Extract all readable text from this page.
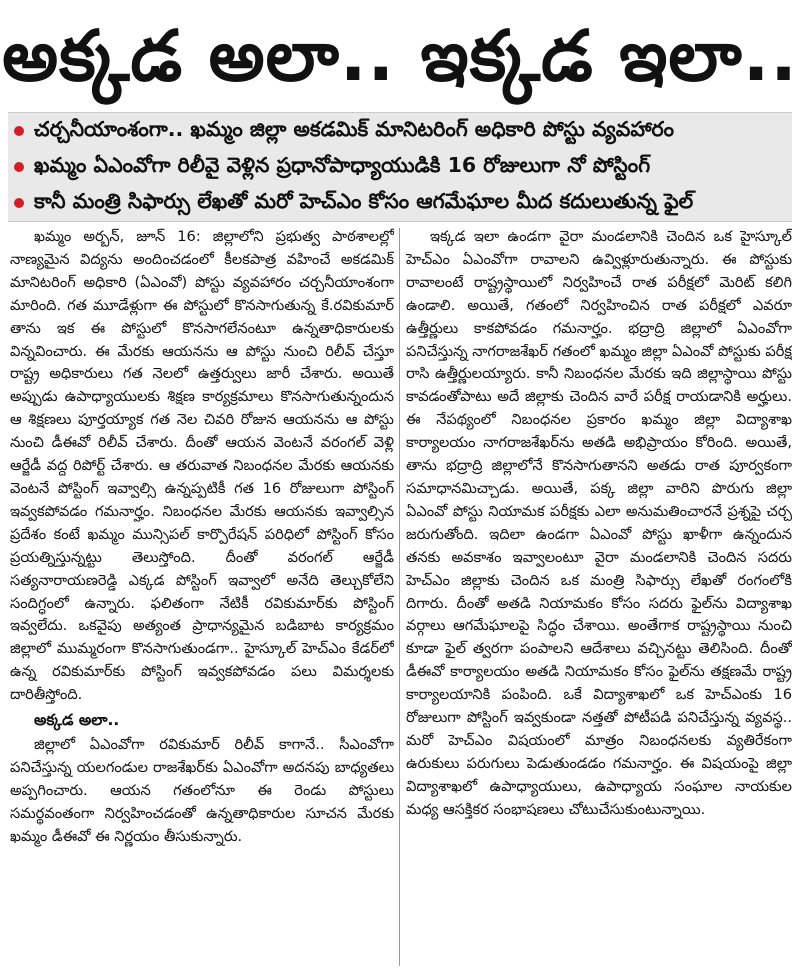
అక్కడ అలా.. ఇక్కడ ఇలా..
చర్చనీయాంశంగా.. ఖమ్మం జిల్లా అకడమిక్ మానిటరింగ్ అధికారి పోస్టు వ్యవహారం
ఖమ్మం ఏఎంవోగా రిలీవై వెళ్లిన ప్రధానోపాధ్యాయుడికి 16 రోజులుగా నో పోస్టింగ్
కానీ మంత్రి సిఫార్సు లేఖతో మరో హెచ్ఎం కోసం ఆగమేఘాల మీద కదులుతున్న ఫైల్

ఖమ్మం అర్బన్, జూన్ 16: జిల్లాలోని ప్రభుత్వ పాఠశాలల్లో నాణ్యమైన విద్యను అందించడంలో కీలకపాత్ర వహించే అకడమిక్ మానిటరింగ్ అధికారి (ఏఎంవో) పోస్టు వ్యవహారం చర్చనీయాంశంగా మారింది. గత మూడేళ్లుగా ఈ పోస్టులో కొనసాగుతున్న కే.రవికుమార్ తాను ఇక ఈ పోస్టులో కొనసాగలేనంటూ ఉన్నతాధికారులకు విన్నవించారు. ఈ మేరకు ఆయనను ఆ పోస్టు నుంచి రిలీవ్ చేస్తూ రాష్ట్ర అధికారులు గత నెలలో ఉత్తర్వులు జారీ చేశారు. అయితే అప్పుడు ఉపాధ్యాయులకు శిక్షణ కార్యక్రమాలు కొనసాగుతున్నందున ఆ శిక్షణలు పూర్తయ్యాక గత నెల చివరి రోజున ఆయనను ఆ పోస్టు నుంచి డీఈవో రిలీవ్ చేశారు. దీంతో ఆయన వెంటనే వరంగల్ వెళ్లి ఆర్జేడీ వద్ద రిపోర్ట్ చేశారు. ఆ తరువాత నిబంధనల మేరకు ఆయనకు వెంటనే పోస్టింగ్ ఇవ్వాల్సి ఉన్నప్పటికీ గత 16 రోజులుగా పోస్టింగ్ ఇవ్వకపోవడం గమనార్హం. నిబంధనల మేరకు ఆయనకు ఇవ్వాల్సిన ప్రదేశం కంటే ఖమ్మం మున్సిపల్ కార్పొరేషన్ పరిధిలో పోస్టింగ్ కోసం ప్రయత్నిస్తున్నట్టు తెలుస్తోంది. దీంతో వరంగల్ ఆర్జేడీ సత్యనారాయణరెడ్డి ఎక్కడ పోస్టింగ్ ఇవ్వాలో అనేది తెల్చుకోలేని సందిగ్ధంలో ఉన్నారు. ఫలితంగా నేటికీ రవికుమార్‌కు పోస్టింగ్ ఇవ్వలేదు. ఒకవైపు అత్యంత ప్రాధాన్యమైన బడిబాట కార్యక్రమం జిల్లాలో ముమ్మరంగా కొనసాగుతుండగా.. హైస్కూల్ హెచ్ఎం కేడర్‌లో ఉన్న రవికుమార్‌కు పోస్టింగ్ ఇవ్వకపోవడం పలు విమర్శలకు దారితీస్తోంది.

అక్కడ అలా..

జిల్లాలో ఏఎంవోగా రవికుమార్ రిలీవ్ కాగానే.. సీఎంవోగా పనిచేస్తున్న యలగండుల రాజశేఖర్‌కు ఏఎంవోగా అదనపు బాధ్యతలు అప్పగించారు. ఆయన గతంలోనూ ఈ రెండు పోస్టులు సమర్థవంతంగా నిర్వహించడంతో ఉన్నతాధికారుల సూచన మేరకు ఖమ్మం డీఈవో ఈ నిర్ణయం తీసుకున్నారు.

ఇక్కడ ఇలా ఉండగా వైరా మండలానికి చెందిన ఒక హైస్కూల్ హెచ్ఎం ఏఎంవోగా రావాలని ఉవ్విళ్లూరుతున్నారు. ఈ పోస్టుకు రావాలంటే రాష్ట్రస్థాయిలో నిర్వహించే రాత పరీక్షలో మెరిట్ కలిగి ఉండాలి. అయితే, గతంలో నిర్వహించిన రాత పరీక్షలో ఎవరూ ఉత్తీర్ణులు కాకపోవడం గమనార్హం. భద్రాద్రి జిల్లాలో ఏఎంవోగా పనిచేస్తున్న నాగరాజశేఖర్ గతంలో ఖమ్మం జిల్లా ఏఎంవో పోస్టుకు పరీక్ష రాసి ఉత్తీర్ణులయ్యారు. కానీ నిబంధనల మేరకు ఇది జిల్లాస్థాయి పోస్టు కావడంతోపాటు అదే జిల్లాకు చెందిన వారే పరీక్ష రాయడానికి అర్హులు. ఈ నేపథ్యంలో నిబంధనల ప్రకారం ఖమ్మం జిల్లా విద్యాశాఖ కార్యాలయం నాగరాజశేఖర్‌ను అతడి అభిప్రాయం కోరింది. అయితే, తాను భద్రాద్రి జిల్లాలోనే కొనసాగుతానని అతడు రాత పూర్వకంగా సమాధానమిచ్చాడు. అయితే, పక్క జిల్లా వారిని పొరుగు జిల్లా ఏఎంవో పోస్టు నియామక పరీక్షకు ఎలా అనుమతించారనే ప్రశ్నపై చర్చ జరుగుతోంది. ఇదిలా ఉండగా ఏఎంవో పోస్టు ఖాళీగా ఉన్నందున తనకు అవకాశం ఇవ్వాలంటూ వైరా మండలానికి చెందిన సదరు హెచ్ఎం జిల్లాకు చెందిన ఒక మంత్రి సిఫార్సు లేఖతో రంగంలోకి దిగారు. దీంతో అతడి నియామకం కోసం సదరు ఫైల్‌ను విద్యాశాఖ వర్గాలు ఆగమేఘాలపై సిద్ధం చేశాయి. అంతేగాక రాష్ట్రస్థాయి నుంచి కూడా ఫైల్ త్వరగా పంపాలని ఆదేశాలు వచ్చినట్టు తెలిసింది. దీంతో డీఈవో కార్యాలయం అతడి నియామకం కోసం ఫైల్‌ను తక్షణమే రాష్ట్ర కార్యాలయానికి పంపింది. ఒకే విద్యాశాఖలో ఒక హెచ్ఎంకు 16 రోజులుగా పోస్టింగ్ ఇవ్వకుండా నత్తతో పోటీపడి పనిచేస్తున్న వ్యవస్థ.. మరో హెచ్ఎం విషయంలో మాత్రం నిబంధనలకు వ్యతిరేకంగా ఉరుకులు పరుగులు పెడుతుండడం గమనార్హం. ఈ విషయంపై జిల్లా విద్యాశాఖలో ఉపాధ్యాయులు, ఉపాధ్యాయ సంఘాల నాయకుల మధ్య ఆసక్తికర సంభాషణలు చోటుచేసుకుంటున్నాయి.
